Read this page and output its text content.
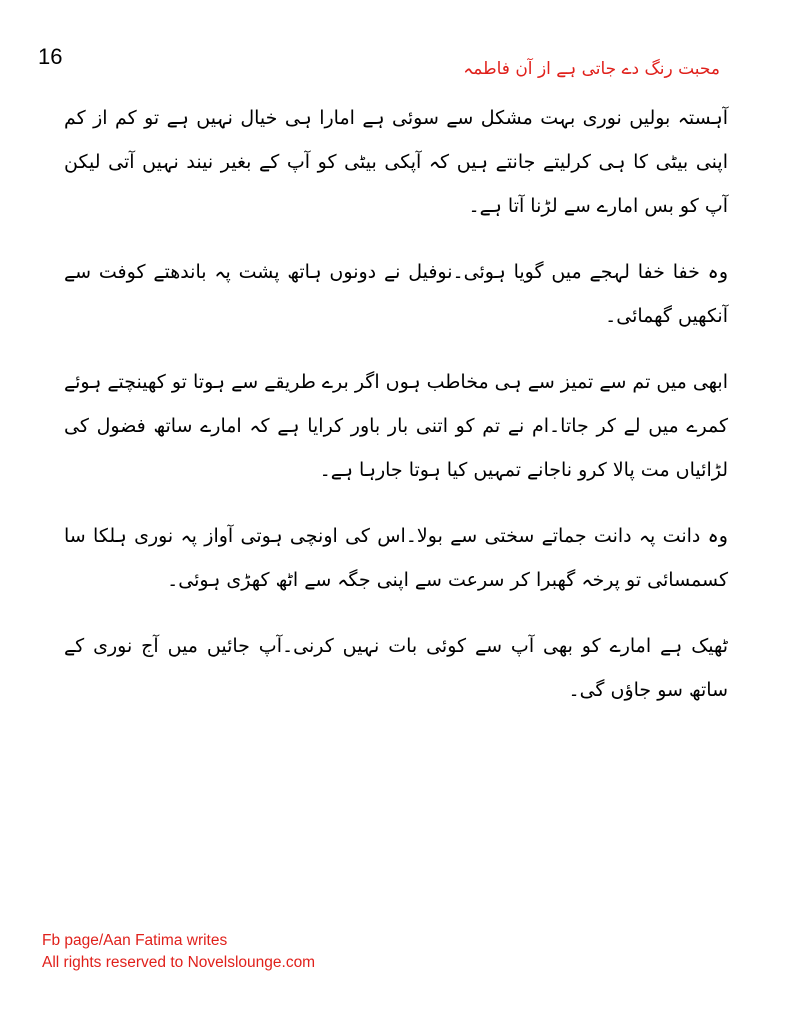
16	محبت رنگ دے جاتی ہے از آن فاطمہ

آہستہ بولیں نوری بہت مشکل سے سوئی ہے امارا ہی خیال نہیں ہے تو کم از کم اپنی بیٹی کا ہی کرلیتے جانتے ہیں کہ آپکی بیٹی کو آپ کے بغیر نیند نہیں آتی لیکن آپ کو بس امارے سے لڑنا آتا ہے۔

وہ خفا خفا لہجے میں گویا ہوئی۔نوفیل نے دونوں ہاتھ پشت پہ باندھتے کوفت سے آنکھیں گھمائی۔

ابھی میں تم سے تمیز سے ہی مخاطب ہوں اگر برے طریقے سے ہوتا تو کھینچتے ہوئے کمرے میں لے کر جاتا۔ام نے تم کو اتنی بار باور کرایا ہے کہ امارے ساتھ فضول کی لڑائیاں مت پالا کرو ناجانے تمہیں کیا ہوتا جارہا ہے۔

وہ دانت پہ دانت جماتے سختی سے بولا۔اس کی اونچی ہوتی آواز پہ نوری ہلکا سا کسمسائی تو پرخہ گھبرا کر سرعت سے اپنی جگہ سے اٹھ کھڑی ہوئی۔

ٹھیک ہے امارے کو بھی آپ سے کوئی بات نہیں کرنی۔آپ جائیں میں آج نوری کے ساتھ سو جاؤں گی۔

Fb page/Aan Fatima writes
All rights reserved to Novelslounge.com
